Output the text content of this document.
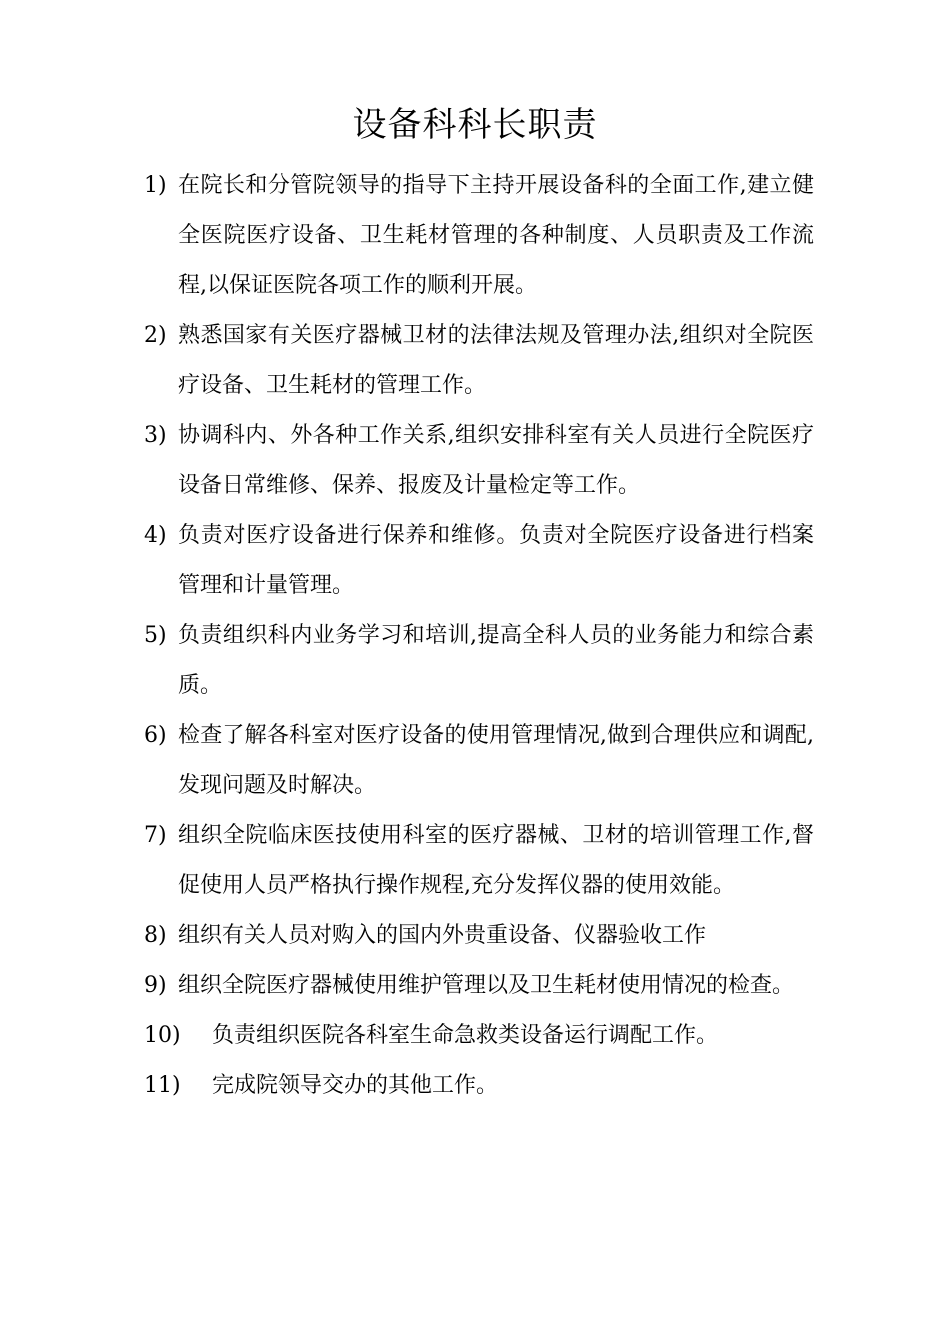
设备科科长职责
1) 在院长和分管院领导的指导下主持开展设备科的全面工作,建立健全医院医疗设备、卫生耗材管理的各种制度、人员职责及工作流程,以保证医院各项工作的顺利开展。
2) 熟悉国家有关医疗器械卫材的法律法规及管理办法,组织对全院医疗设备、卫生耗材的管理工作。
3) 协调科内、外各种工作关系,组织安排科室有关人员进行全院医疗设备日常维修、保养、报废及计量检定等工作。
4) 负责对医疗设备进行保养和维修。负责对全院医疗设备进行档案管理和计量管理。
5) 负责组织科内业务学习和培训,提高全科人员的业务能力和综合素质。
6) 检查了解各科室对医疗设备的使用管理情况,做到合理供应和调配,发现问题及时解决。
7) 组织全院临床医技使用科室的医疗器械、卫材的培训管理工作,督促使用人员严格执行操作规程,充分发挥仪器的使用效能。
8) 组织有关人员对购入的国内外贵重设备、仪器验收工作
9) 组织全院医疗器械使用维护管理以及卫生耗材使用情况的检查。
10) 负责组织医院各科室生命急救类设备运行调配工作。
11) 完成院领导交办的其他工作。
